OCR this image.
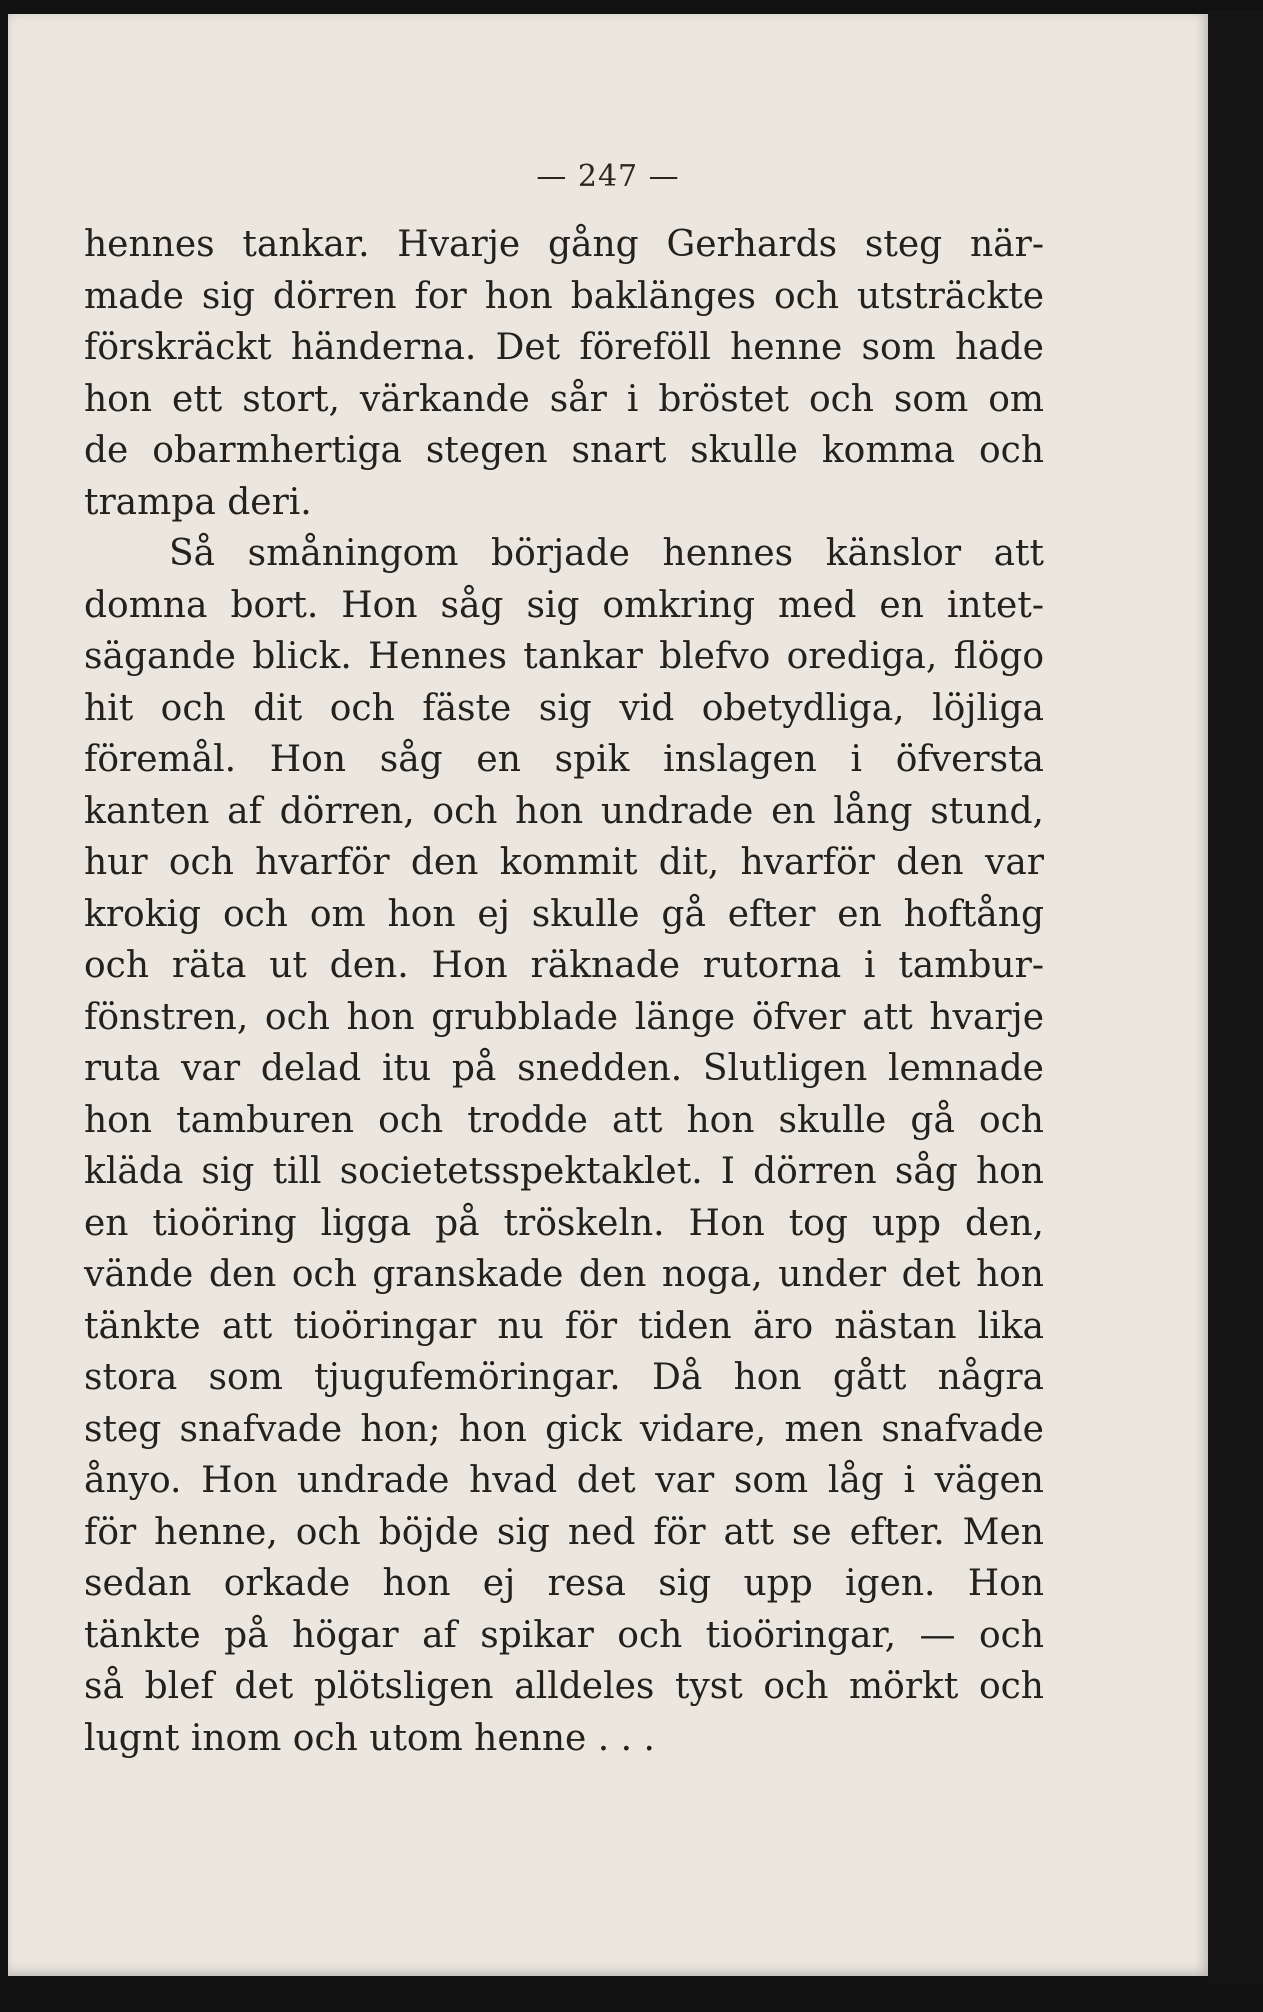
— 247 —
hennes tankar. Hvarje gång Gerhards steg när-
made sig dörren for hon baklänges och utsträckte
förskräckt händerna. Det föreföll henne som hade
hon ett stort, värkande sår i bröstet och som om
de obarmhertiga stegen snart skulle komma och
trampa deri.
Så småningom började hennes känslor att
domna bort. Hon såg sig omkring med en intet-
sägande blick. Hennes tankar blefvo orediga, flögo
hit och dit och fäste sig vid obetydliga, löjliga
föremål. Hon såg en spik inslagen i öfversta
kanten af dörren, och hon undrade en lång stund,
hur och hvarför den kommit dit, hvarför den var
krokig och om hon ej skulle gå efter en hoftång
och räta ut den. Hon räknade rutorna i tambur-
fönstren, och hon grubblade länge öfver att hvarje
ruta var delad itu på snedden. Slutligen lemnade
hon tamburen och trodde att hon skulle gå och
kläda sig till societetsspektaklet. I dörren såg hon
en tioöring ligga på tröskeln. Hon tog upp den,
vände den och granskade den noga, under det hon
tänkte att tioöringar nu för tiden äro nästan lika
stora som tjugufemöringar. Då hon gått några
steg snafvade hon; hon gick vidare, men snafvade
ånyo. Hon undrade hvad det var som låg i vägen
för henne, och böjde sig ned för att se efter. Men
sedan orkade hon ej resa sig upp igen. Hon
tänkte på högar af spikar och tioöringar, — och
så blef det plötsligen alldeles tyst och mörkt och
lugnt inom och utom henne . . .
